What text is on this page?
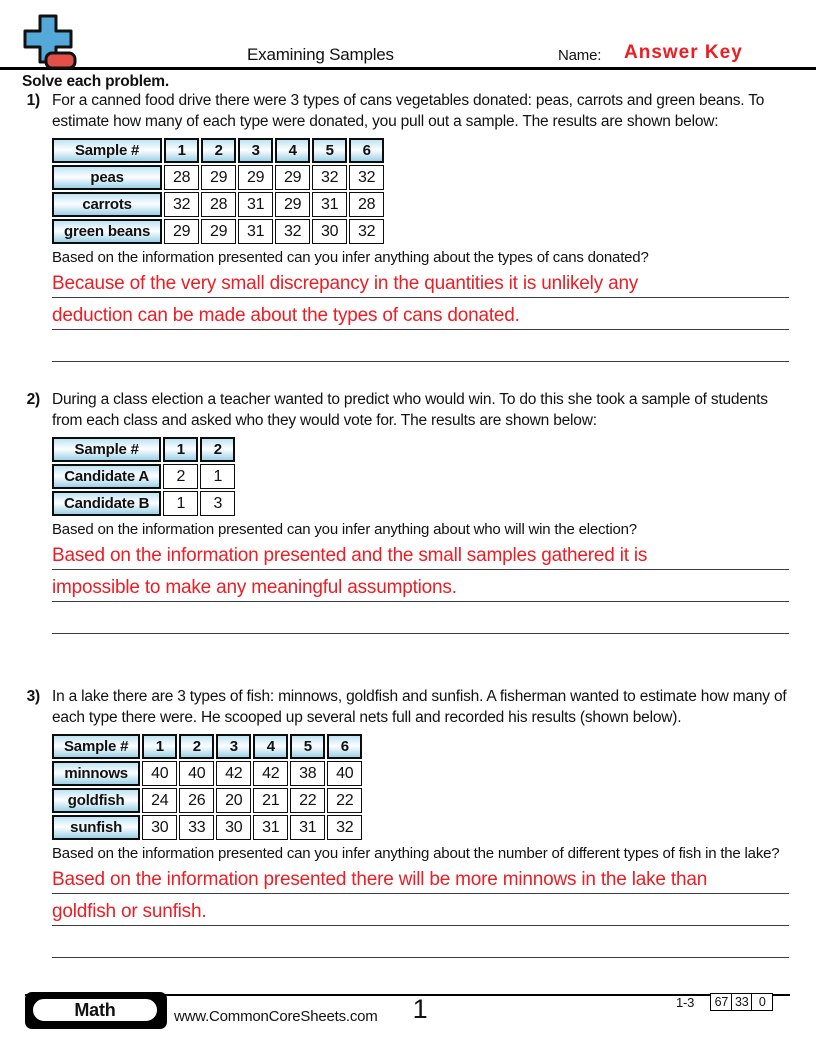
Examining Samples	Name: Answer Key
Solve each problem.
1) For a canned food drive there were 3 types of cans vegetables donated: peas, carrots and green beans. To estimate how many of each type were donated, you pull out a sample. The results are shown below:
Sample #	1	2	3	4	5	6
peas	28	29	29	29	32	32
carrots	32	28	31	29	31	28
green beans	29	29	31	32	30	32
Based on the information presented can you infer anything about the types of cans donated?
Because of the very small discrepancy in the quantities it is unlikely any
deduction can be made about the types of cans donated.
2) During a class election a teacher wanted to predict who would win. To do this she took a sample of students from each class and asked who they would vote for. The results are shown below:
Sample #	1	2
Candidate A	2	1
Candidate B	1	3
Based on the information presented can you infer anything about who will win the election?
Based on the information presented and the small samples gathered it is
impossible to make any meaningful assumptions.
3) In a lake there are 3 types of fish: minnows, goldfish and sunfish. A fisherman wanted to estimate how many of each type there were. He scooped up several nets full and recorded his results (shown below).
Sample #	1	2	3	4	5	6
minnows	40	40	42	42	38	40
goldfish	24	26	20	21	22	22
sunfish	30	33	30	31	31	32
Based on the information presented can you infer anything about the number of different types of fish in the lake?
Based on the information presented there will be more minnows in the lake than
goldfish or sunfish.
Math	www.CommonCoreSheets.com	1	1-3	67 33 0
